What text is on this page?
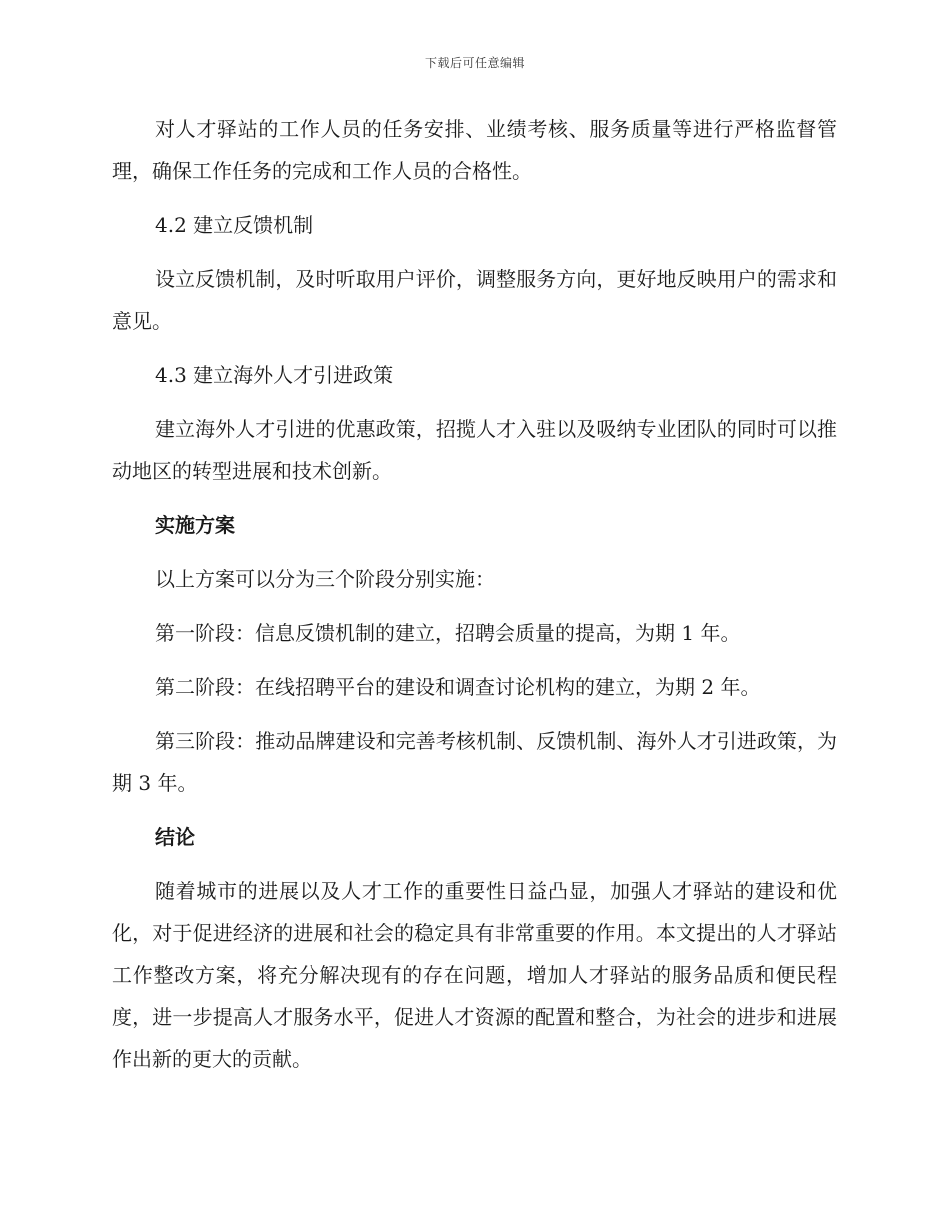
下载后可任意编辑

对人才驿站的工作人员的任务安排、业绩考核、服务质量等进行严格监督管理，确保工作任务的完成和工作人员的合格性。

4.2 建立反馈机制

设立反馈机制，及时听取用户评价，调整服务方向，更好地反映用户的需求和意见。

4.3 建立海外人才引进政策

建立海外人才引进的优惠政策，招揽人才入驻以及吸纳专业团队的同时可以推动地区的转型进展和技术创新。

实施方案

以上方案可以分为三个阶段分别实施：

第一阶段：信息反馈机制的建立，招聘会质量的提高，为期 1 年。

第二阶段：在线招聘平台的建设和调查讨论机构的建立，为期 2 年。

第三阶段：推动品牌建设和完善考核机制、反馈机制、海外人才引进政策，为期 3 年。

结论

随着城市的进展以及人才工作的重要性日益凸显，加强人才驿站的建设和优化，对于促进经济的进展和社会的稳定具有非常重要的作用。本文提出的人才驿站工作整改方案，将充分解决现有的存在问题，增加人才驿站的服务品质和便民程度，进一步提高人才服务水平，促进人才资源的配置和整合，为社会的进步和进展作出新的更大的贡献。
